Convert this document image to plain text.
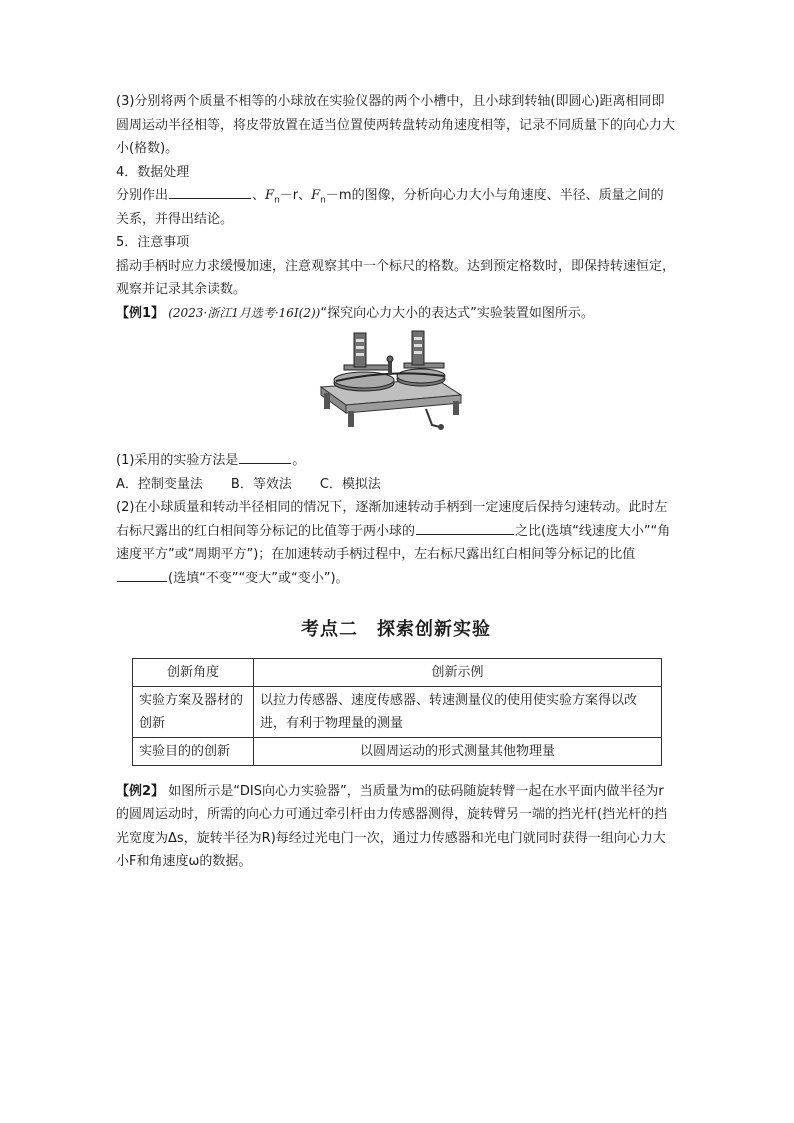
(3)分别将两个质量不相等的小球放在实验仪器的两个小槽中，且小球到转轴(即圆心)距离相同即圆周运动半径相等，将皮带放置在适当位置使两转盘转动角速度相等，记录不同质量下的向心力大小(格数)。

4．数据处理

分别作出	、$F_n-r$、$F_n-m$的图像，分析向心力大小与角速度、半径、质量之间的关系，并得出结论。

5．注意事项

摇动手柄时应力求缓慢加速，注意观察其中一个标尺的格数。达到预定格数时，即保持转速恒定，观察并记录其余读数。

【例1】 (2023·浙江1月选考·16Ⅰ(2))“探究向心力大小的表达式”实验装置如图所示。

(1)采用的实验方法是	。

A．控制变量法 B．等效法 C．模拟法

(2)在小球质量和转动半径相同的情况下，逐渐加速转动手柄到一定速度后保持匀速转动。此时左右标尺露出的红白相间等分标记的比值等于两小球的	之比(选填“线速度大小”“角速度平方”或“周期平方”)；在加速转动手柄过程中，左右标尺露出红白相间等分标记的比值(选填“不变”“变大”或“变小”)。

考点二　探索创新实验
创新角度	创新示例
实验方案及器材的创新	以拉力传感器、速度传感器、转速测量仪的使用使实验方案得以改进，有利于物理量的测量
实验目的的创新	以圆周运动的形式测量其他物理量

【例2】 如图所示是“DIS向心力实验器”，当质量为m的砝码随旋转臂一起在水平面内做半径为r的圆周运动时，所需的向心力可通过牵引杆由力传感器测得，旋转臂另一端的挡光杆(挡光杆的挡光宽度为Δs，旋转半径为R)每经过光电门一次，通过力传感器和光电门就同时获得一组向心力大小F和角速度ω的数据。
